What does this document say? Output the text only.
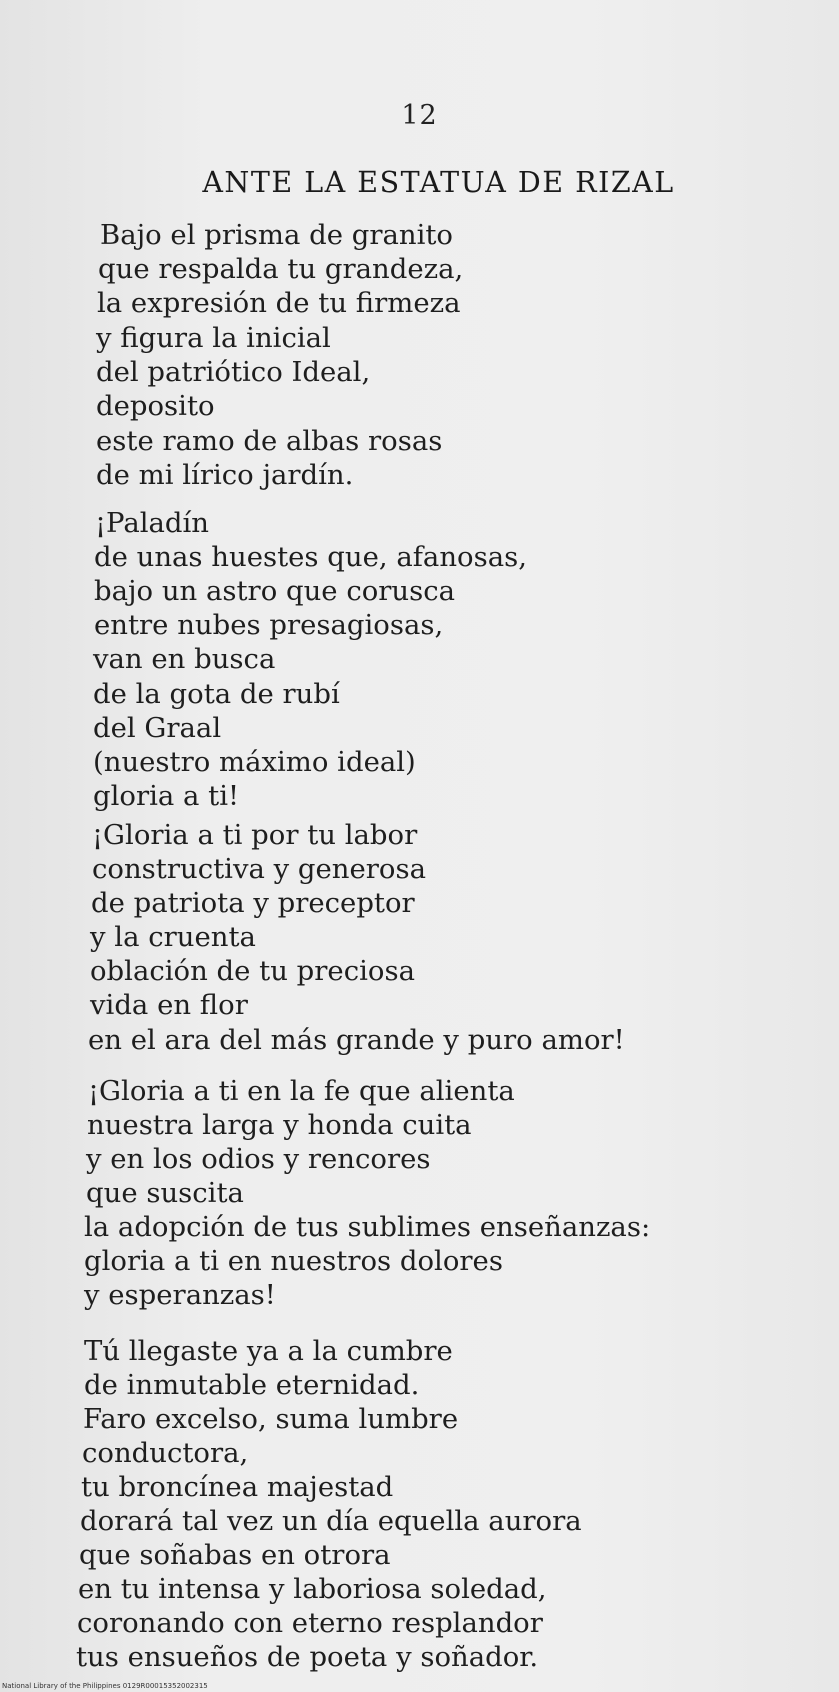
12
ANTE LA ESTATUA DE RIZAL
Bajo el prisma de granito
que respalda tu grandeza,
la expresión de tu firmeza
y figura la inicial
del patriótico Ideal,
deposito
este ramo de albas rosas
de mi lírico jardín.
¡Paladín
de unas huestes que, afanosas,
bajo un astro que corusca
entre nubes presagiosas,
van en busca
de la gota de rubí
del Graal
(nuestro máximo ideal)
gloria a ti!
¡Gloria a ti por tu labor
constructiva y generosa
de patriota y preceptor
y la cruenta
oblación de tu preciosa
vida en flor
en el ara del más grande y puro amor!
¡Gloria a ti en la fe que alienta
nuestra larga y honda cuita
y en los odios y rencores
que suscita
la adopción de tus sublimes enseñanzas:
gloria a ti en nuestros dolores
y esperanzas!
Tú llegaste ya a la cumbre
de inmutable eternidad.
Faro excelso, suma lumbre
conductora,
tu broncínea majestad
dorará tal vez un día equella aurora
que soñabas en otrora
en tu intensa y laboriosa soledad,
coronando con eterno resplandor
tus ensueños de poeta y soñador.
National Library of the Philippines 0129R00015352002315
